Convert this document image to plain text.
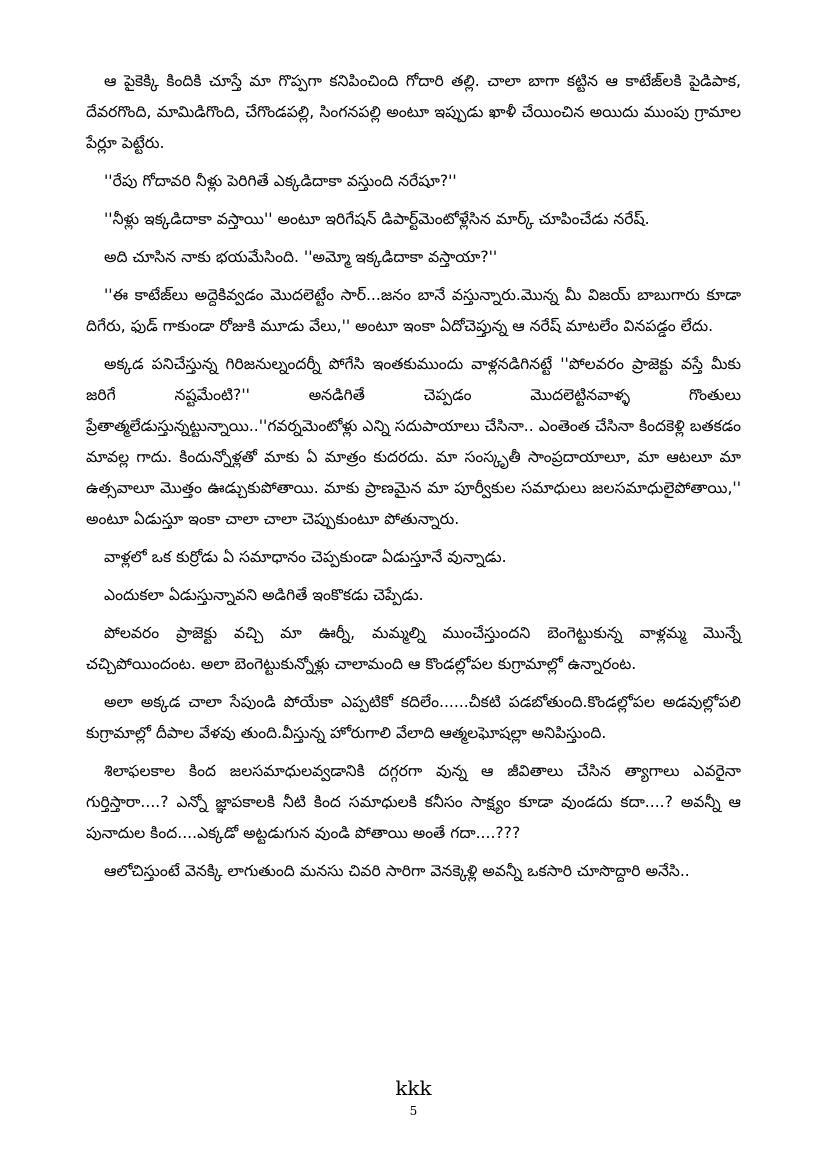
ఆ పైకెక్కి కిందికి చూస్తే మా గొప్పగా కనిపించింది గోదారి తల్లి. చాలా బాగా కట్టిన ఆ కాటేజ్‌లకి పైడిపాక, దేవరగొంది, మామిడిగొంది, చేగొండపల్లి, సింగనపల్లి అంటూ ఇప్పుడు ఖాళీ చేయించిన అయిదు ముంపు గ్రామాల పేర్లూ పెట్టేరు.

''రేపు గోదావరి నీళ్లు పెరిగితే ఎక్కడిదాకా వస్తుంది నరేషూ?''

''నీళ్లు ఇక్కడిదాకా వస్తాయి'' అంటూ ఇరిగేషన్ డిపార్ట్‌మెంటోళ్లేసిన మార్క్ చూపించేడు నరేష్.

అది చూసిన నాకు భయమేసింది. ''అమ్మో ఇక్కడిదాకా వస్తాయా?''

''ఈ కాటేజ్‌లు అద్దెకివ్వడం మొదలెట్టేం సార్...జనం బానే వస్తున్నారు.మొన్న మీ విజయ్ బాబుగారు కూడా దిగేరు, ఫుడ్ గాకుండా రోజుకి మూడు వేలు,'' అంటూ ఇంకా ఏదోచెప్తున్న ఆ నరేష్ మాటలేం వినపడ్డం లేదు.

అక్కడ పనిచేస్తున్న గిరిజనుల్నందర్నీ పోగేసి ఇంతకుముందు వాళ్లనడిగినట్టే ''పోలవరం ప్రాజెక్టు వస్తే మీకు జరిగే నష్టమేంటి?'' అనడిగితే చెప్పడం మొదలెట్టినవాళ్ళ గొంతులు ప్రేతాత్మలేడుస్తున్నట్టున్నాయి..''గవర్నమెంటోళ్లు ఎన్ని సదుపాయాలు చేసినా.. ఎంతెంత చేసినా కిందకెళ్లి బతకడం మావల్ల గాదు. కిందున్నోళ్లతో మాకు ఏ మాత్రం కుదరదు. మా సంస్కృతీ సాంప్రదాయాలూ, మా ఆటలూ మా ఉత్సవాలూ మొత్తం ఊడ్చుకుపోతాయి. మాకు ప్రాణమైన మా పూర్వీకుల సమాధులు జలసమాధులైపోతాయి,'' అంటూ ఏడుస్తూ ఇంకా చాలా చాలా చెప్పుకుంటూ పోతున్నారు.

వాళ్లలో ఒక కుర్రోడు ఏ సమాధానం చెప్పకుండా ఏడుస్తూనే వున్నాడు.

ఎందుకలా ఏడుస్తున్నావని అడిగితే ఇంకొకడు చెప్పేడు.

పోలవరం ప్రాజెక్టు వచ్చి మా ఊర్నీ, మమ్మల్ని ముంచేస్తుందని బెంగెట్టుకున్న వాళ్లమ్మ మొన్నే చచ్చిపోయిందంట. అలా బెంగెట్టుకున్నోళ్లు చాలామంది ఆ కొండల్లోపల కుగ్రామాల్లో ఉన్నారంట.

అలా అక్కడ చాలా సేపుండి పోయేకా ఎప్పటికో కదిలేం......చీకటి పడబోతుంది.కొండల్లోపల అడవుల్లోపలి కుగ్రామాల్లో దీపాల వేళవు తుంది.వీస్తున్న హోరుగాలి వేలాది ఆత్మలఘోషల్లా అనిపిస్తుంది.

శిలాఫలకాల కింద జలసమాధులవ్వడానికి దగ్గరగా వున్న ఆ జీవితాలు చేసిన త్యాగాలు ఎవరైనా గుర్తిస్తారా....? ఎన్నో జ్ఞాపకాలకి నీటి కింద సమాధులకి కనీసం సాక్ష్యం కూడా వుండదు కదా....? అవన్నీ ఆ పునాదుల కింద....ఎక్కడో అట్టడుగున వుండి పోతాయి అంతే గదా....???

ఆలోచిస్తుంటే వెనక్కి లాగుతుంది మనసు చివరి సారిగా వెనక్కెళ్లి అవన్నీ ఒకసారి చూసొద్దారి అనేసి..

kkk
5
